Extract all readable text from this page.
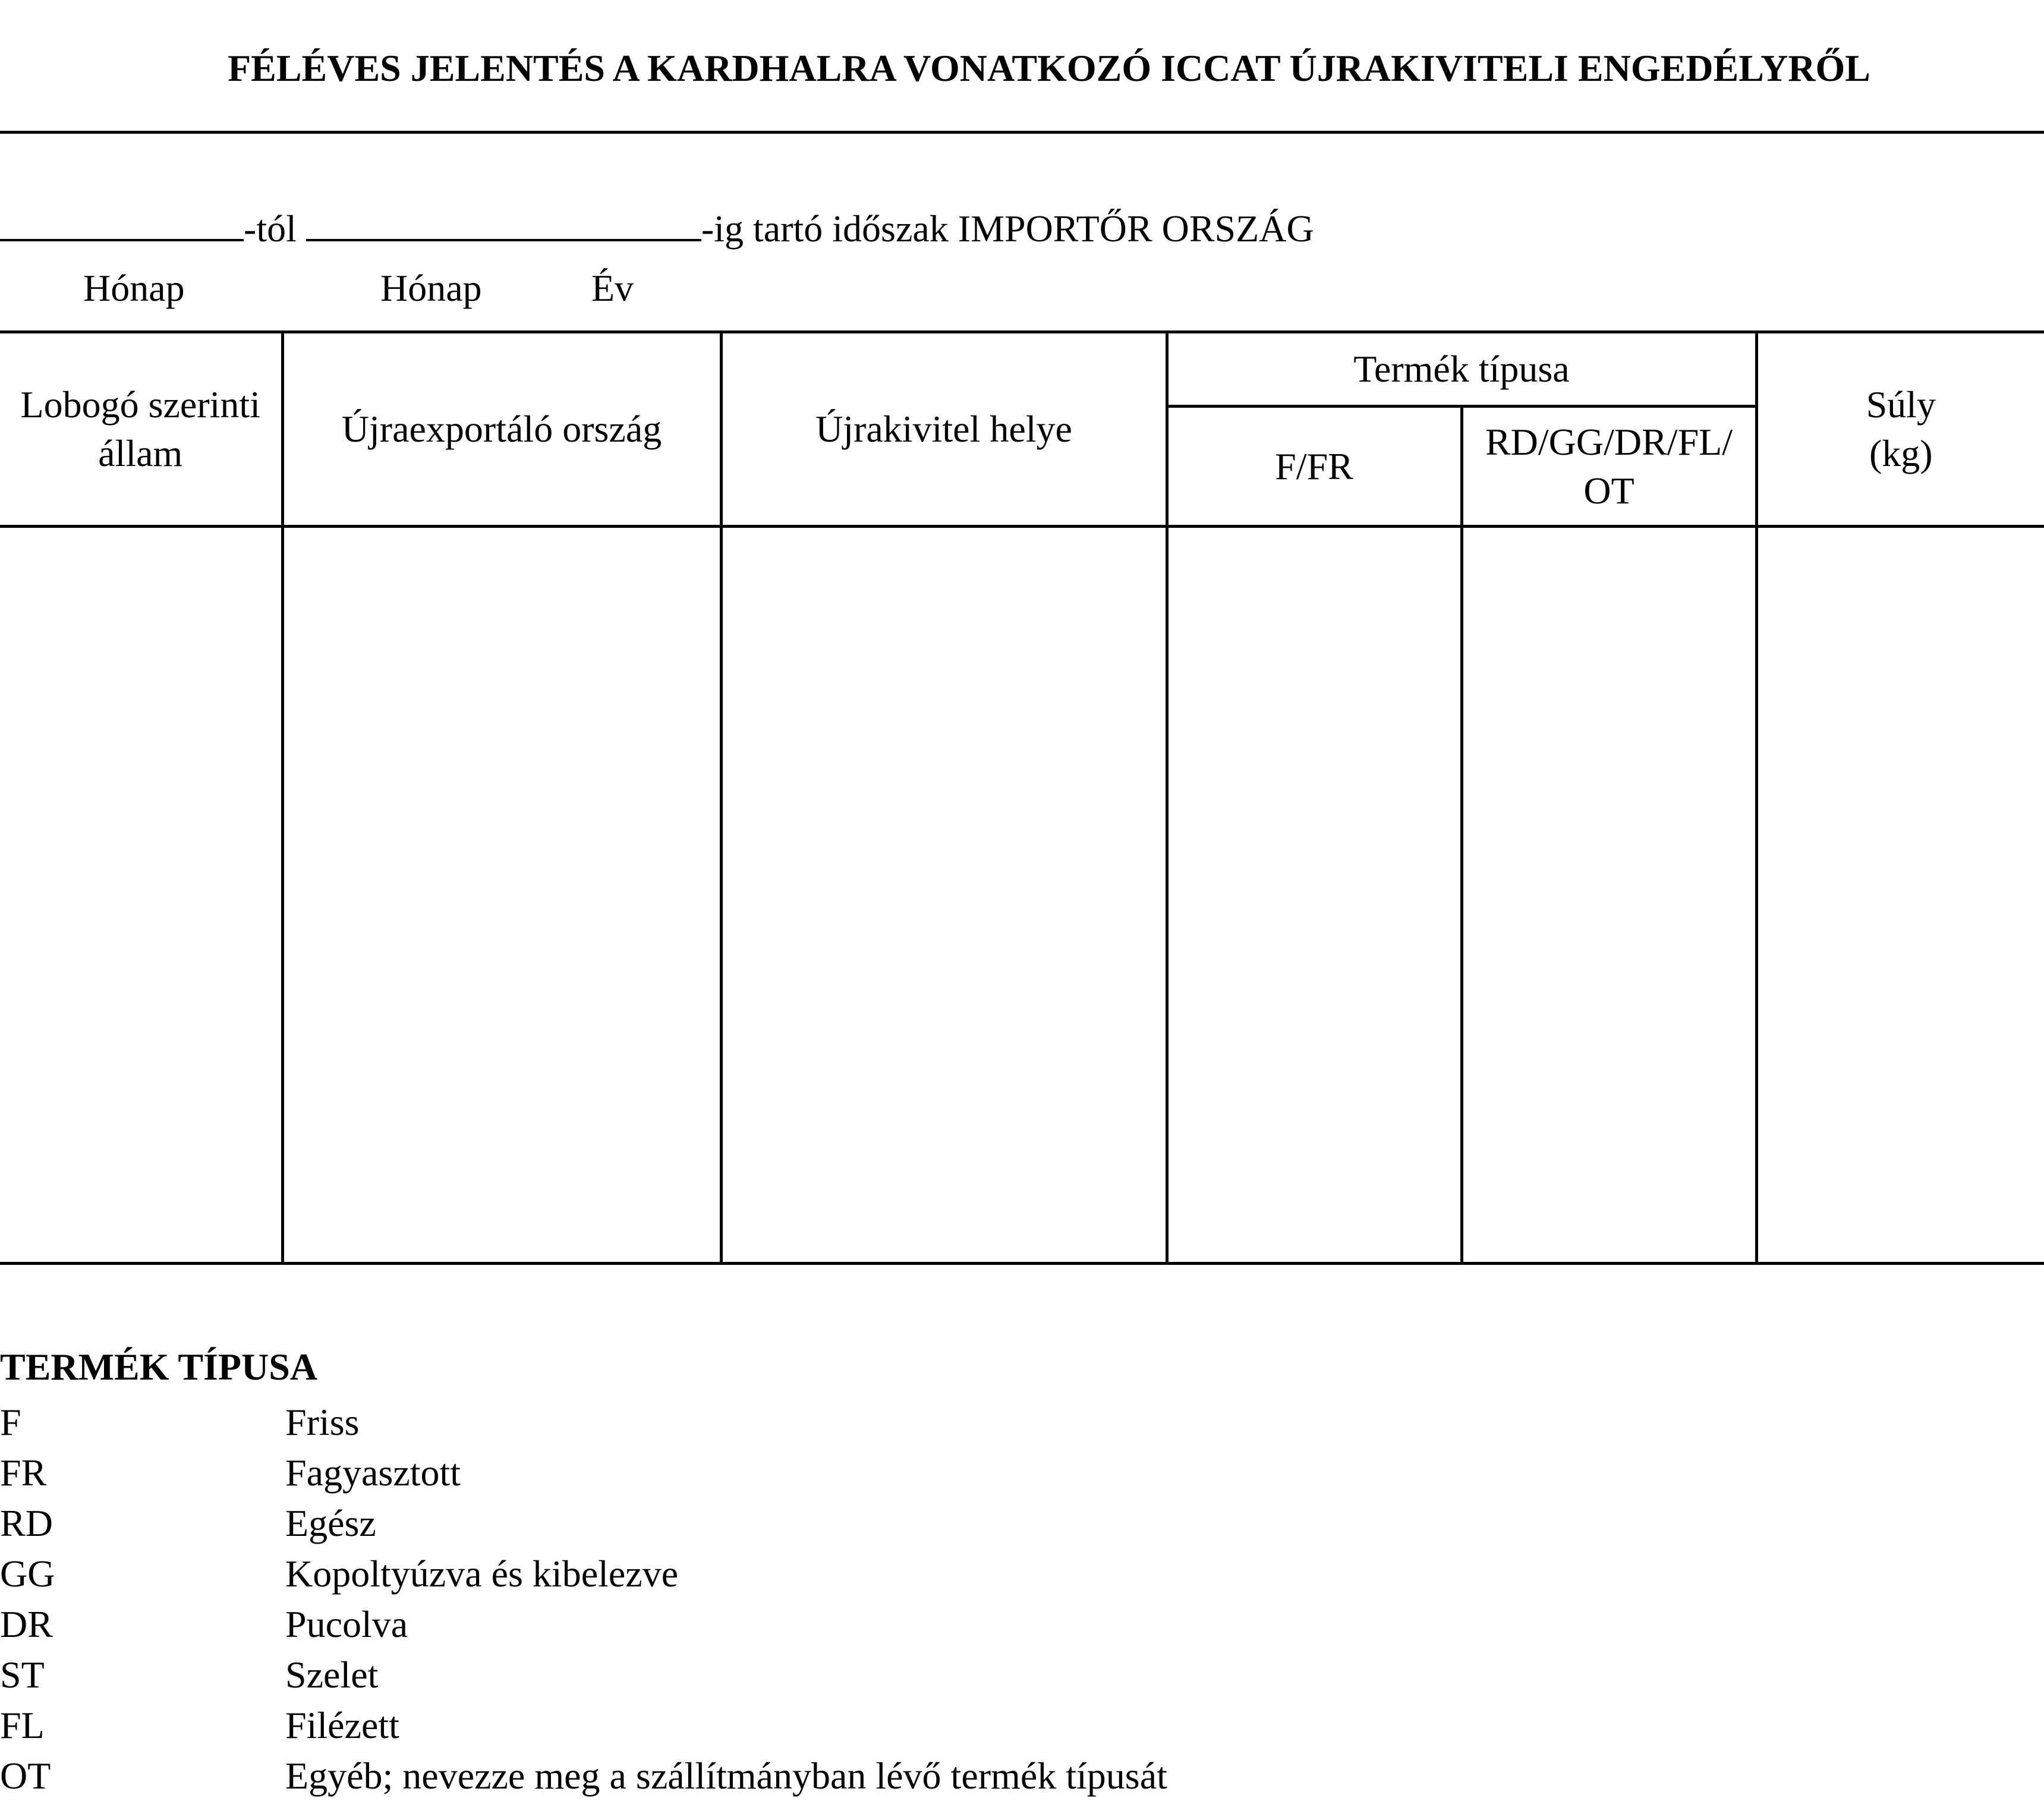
FÉLÉVES JELENTÉS A KARDHALRA VONATKOZÓ ICCAT ÚJRAKIVITELI ENGEDÉLYRŐL
-tól	-ig tartó időszak IMPORTŐR ORSZÁG
Hónap	Hónap	Év
Lobogó szerinti állam	Újraexportáló ország	Újrakivitel helye	Termék típusa		Súly
(kg)
			F/FR	RD/GG/DR/FL/ OT	

TERMÉK TÍPUSA
F	Friss
FR	Fagyasztott
RD	Egész
GG	Kopoltyúzva és kibelezve
DR	Pucolva
ST	Szelet
FL	Filézett
OT	Egyéb; nevezze meg a szállítmányban lévő termék típusát
